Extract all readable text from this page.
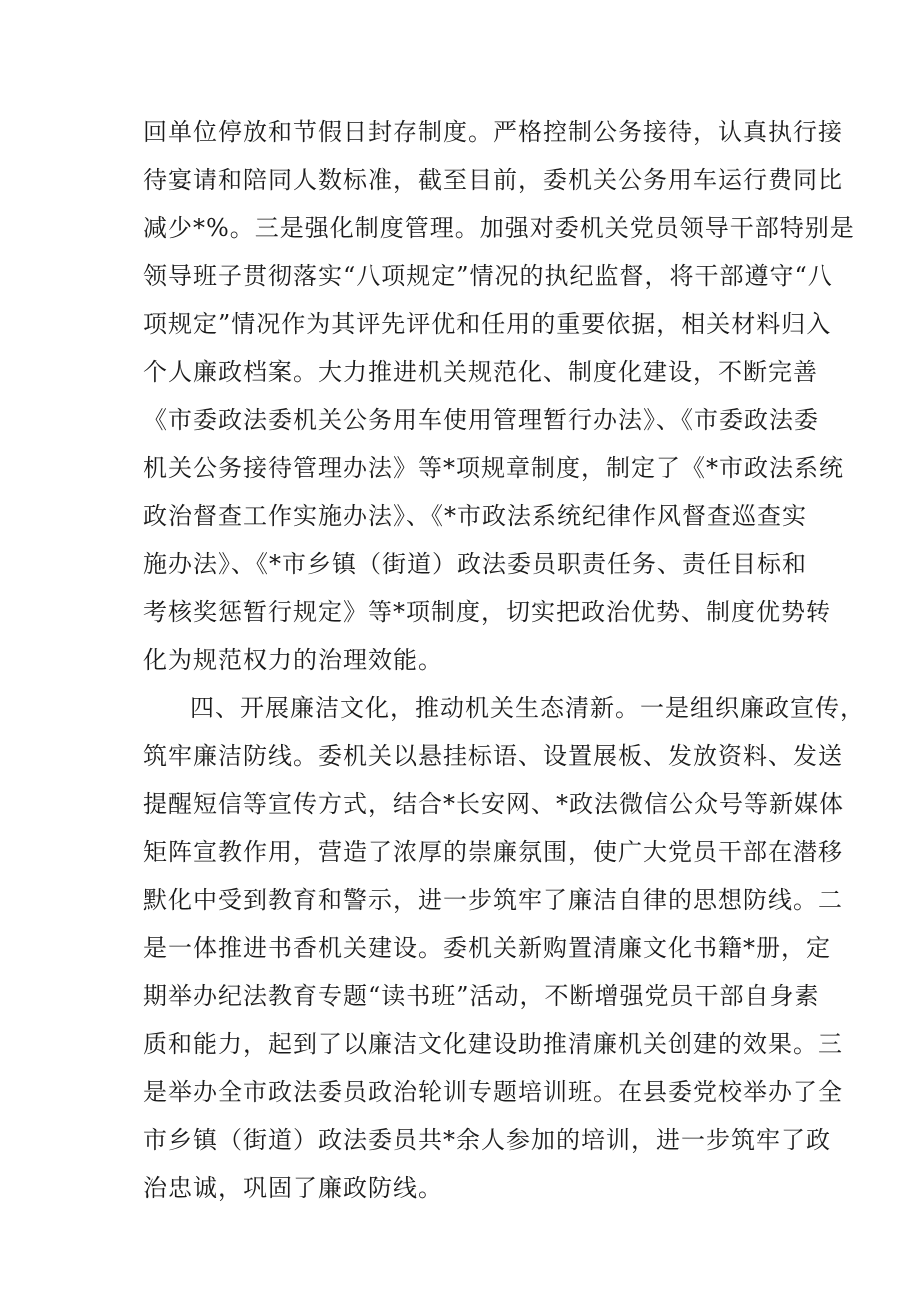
回单位停放和节假日封存制度。严格控制公务接待，认真执行接
待宴请和陪同人数标准，截至目前，委机关公务用车运行费同比
减少*%。三是强化制度管理。加强对委机关党员领导干部特别是
领导班子贯彻落实“八项规定”情况的执纪监督，将干部遵守“八
项规定”情况作为其评先评优和任用的重要依据，相关材料归入
个人廉政档案。大力推进机关规范化、制度化建设，不断完善
《市委政法委机关公务用车使用管理暂行办法》、《市委政法委
机关公务接待管理办法》等*项规章制度，制定了《*市政法系统
政治督查工作实施办法》、《*市政法系统纪律作风督查巡查实
施办法》、《*市乡镇（街道）政法委员职责任务、责任目标和
考核奖惩暂行规定》等*项制度，切实把政治优势、制度优势转
化为规范权力的治理效能。
四、开展廉洁文化，推动机关生态清新。一是组织廉政宣传，
筑牢廉洁防线。委机关以悬挂标语、设置展板、发放资料、发送
提醒短信等宣传方式，结合*长安网、*政法微信公众号等新媒体
矩阵宣教作用，营造了浓厚的崇廉氛围，使广大党员干部在潜移
默化中受到教育和警示，进一步筑牢了廉洁自律的思想防线。二
是一体推进书香机关建设。委机关新购置清廉文化书籍*册，定
期举办纪法教育专题“读书班”活动，不断增强党员干部自身素
质和能力，起到了以廉洁文化建设助推清廉机关创建的效果。三
是举办全市政法委员政治轮训专题培训班。在县委党校举办了全
市乡镇（街道）政法委员共*余人参加的培训，进一步筑牢了政
治忠诚，巩固了廉政防线。
